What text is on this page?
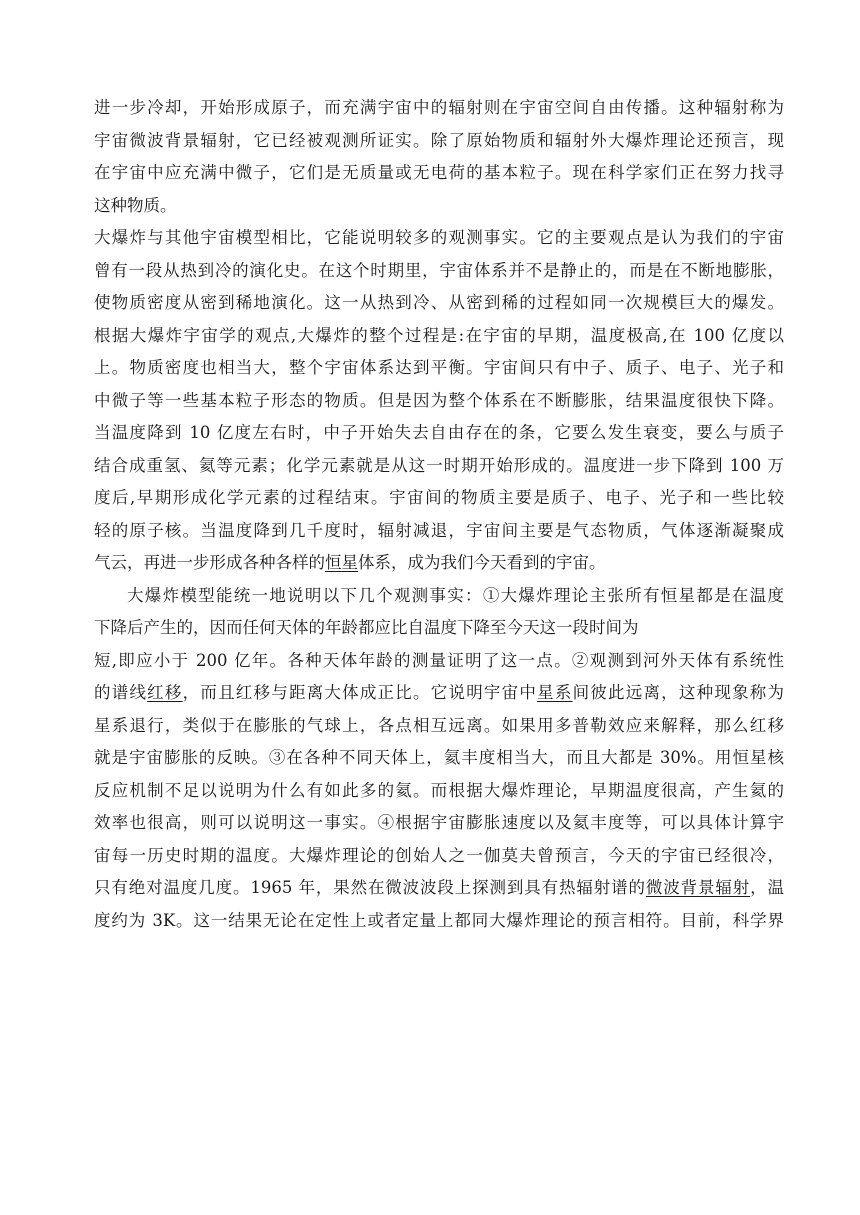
进一步冷却，开始形成原子，而充满宇宙中的辐射则在宇宙空间自由传播。这种辐射称为
宇宙微波背景辐射，它已经被观测所证实。除了原始物质和辐射外大爆炸理论还预言，现
在宇宙中应充满中微子，它们是无质量或无电荷的基本粒子。现在科学家们正在努力找寻
这种物质。
大爆炸与其他宇宙模型相比，它能说明较多的观测事实。它的主要观点是认为我们的宇宙
曾有一段从热到冷的演化史。在这个时期里，宇宙体系并不是静止的，而是在不断地膨胀，
使物质密度从密到稀地演化。这一从热到冷、从密到稀的过程如同一次规模巨大的爆发。
根据大爆炸宇宙学的观点,大爆炸的整个过程是:在宇宙的早期，温度极高,在 100 亿度以
上。物质密度也相当大，整个宇宙体系达到平衡。宇宙间只有中子、质子、电子、光子和
中微子等一些基本粒子形态的物质。但是因为整个体系在不断膨胀，结果温度很快下降。
当温度降到 10 亿度左右时，中子开始失去自由存在的条，它要么发生衰变，要么与质子
结合成重氢、氦等元素；化学元素就是从这一时期开始形成的。温度进一步下降到 100 万
度后,早期形成化学元素的过程结束。宇宙间的物质主要是质子、电子、光子和一些比较
轻的原子核。当温度降到几千度时，辐射减退，宇宙间主要是气态物质，气体逐渐凝聚成
气云，再进一步形成各种各样的恒星体系，成为我们今天看到的宇宙。
大爆炸模型能统一地说明以下几个观测事实：①大爆炸理论主张所有恒星都是在温度
下降后产生的，因而任何天体的年龄都应比自温度下降至今天这一段时间为
短,即应小于 200 亿年。各种天体年龄的测量证明了这一点。②观测到河外天体有系统性
的谱线红移，而且红移与距离大体成正比。它说明宇宙中星系间彼此远离，这种现象称为
星系退行，类似于在膨胀的气球上，各点相互远离。如果用多普勒效应来解释，那么红移
就是宇宙膨胀的反映。③在各种不同天体上，氦丰度相当大，而且大都是 30%。用恒星核
反应机制不足以说明为什么有如此多的氦。而根据大爆炸理论，早期温度很高，产生氦的
效率也很高，则可以说明这一事实。④根据宇宙膨胀速度以及氦丰度等，可以具体计算宇
宙每一历史时期的温度。大爆炸理论的创始人之一伽莫夫曾预言，今天的宇宙已经很冷，
只有绝对温度几度。1965 年，果然在微波波段上探测到具有热辐射谱的微波背景辐射，温
度约为 3K。这一结果无论在定性上或者定量上都同大爆炸理论的预言相符。目前，科学界
